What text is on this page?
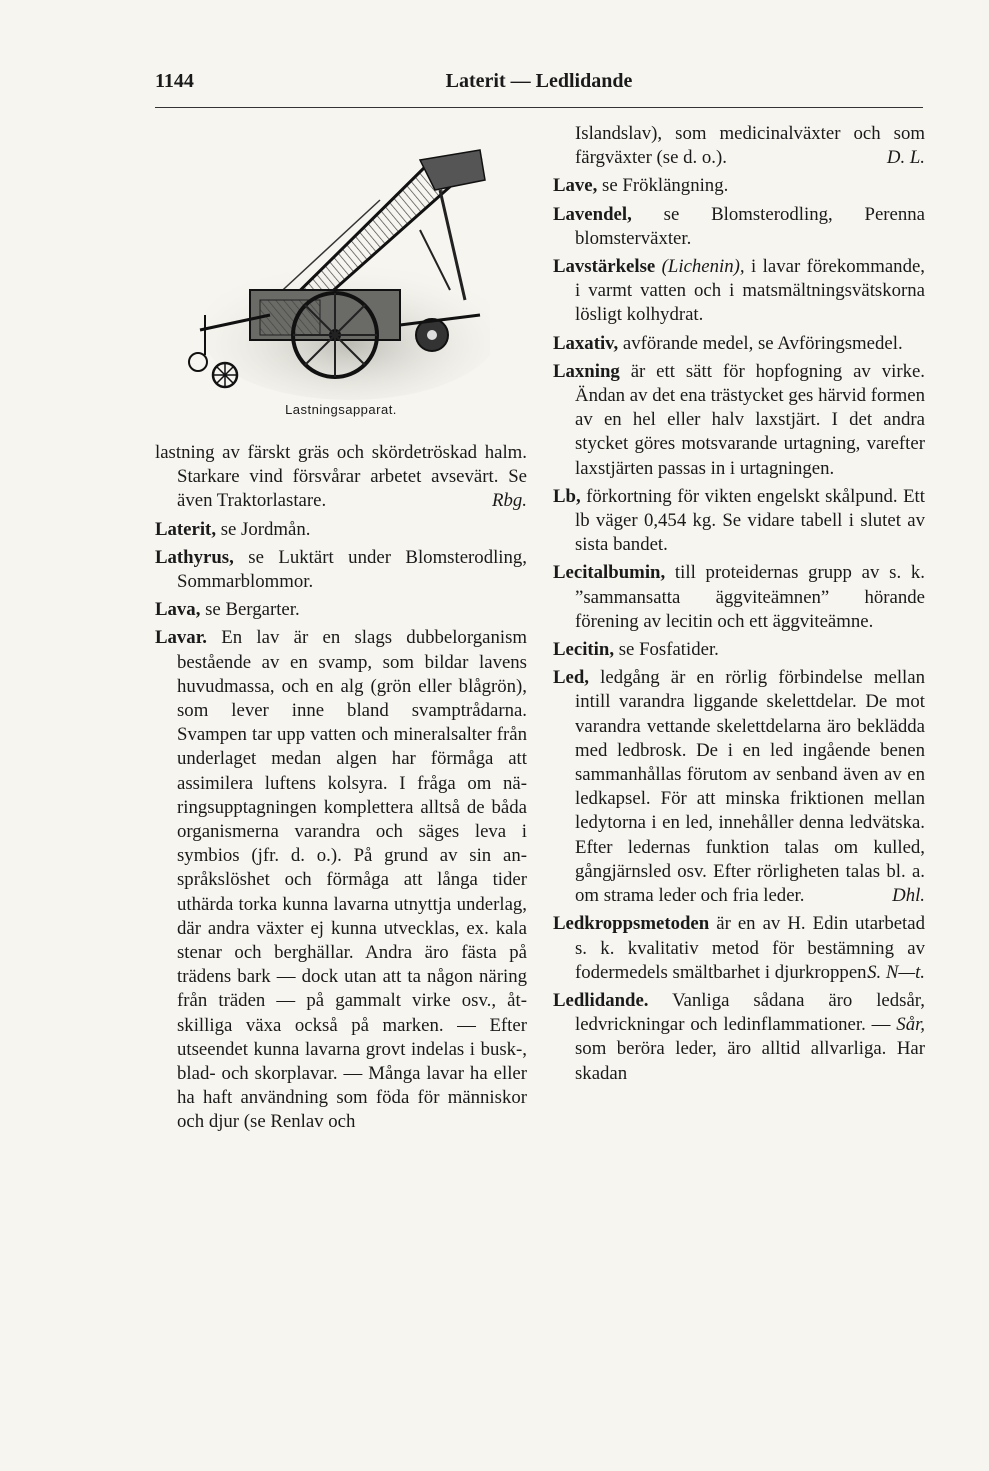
1144	Laterit — Ledlidande
Lastningsapparat.

lastning av färskt gräs och skördetröskad halm. Starkare vind försvårar arbetet avsevärt. Se även Traktorlastare.	Rbg.

Laterit, se Jordmån.

Lathyrus, se Luktärt under Blomsterodling, Sommarblommor.

Lava, se Bergarter.

Lavar. En lav är en slags dubbelorganism bestående av en svamp, som bildar lavens huvudmassa, och en alg (grön eller blågrön), som lever inne bland svamptrådarna. Svampen tar upp vatten och mineralsalter från underlaget medan algen har förmåga att assimilera luftens kolsyra. I fråga om näringsupptagningen komplettera alltså de båda organismerna varandra och säges leva i symbios (jfr. d. o.). På grund av sin anspråkslöshet och förmåga att långa tider uthärda torka kunna lavarna utnyttja underlag, där andra växter ej kunna utvecklas, ex. kala stenar och berghällar. Andra äro fästa på trädens bark — dock utan att ta någon näring från träden — på gammalt virke osv., åtskilliga växa också på marken. — Efter utseendet kunna lavarna grovt indelas i busk-, blad- och skorplavar. — Många lavar ha eller ha haft användning som föda för människor och djur (se Renlav och

Islandslav), som medicinalväxter och som färgväxter (se d. o.).	D. L.

Lave, se Fröklängning.

Lavendel, se Blomsterodling, Perenna blomsterväxter.

Lavstärkelse (Lichenin), i lavar förekommande, i varmt vatten och i matsmältningsvätskorna lösligt kolhydrat.

Laxativ, avförande medel, se Avföringsmedel.

Laxning är ett sätt för hopfogning av virke. Ändan av det ena trästycket ges härvid formen av en hel eller halv laxstjärt. I det andra stycket göres motsvarande urtagning, varefter laxstjärten passas in i urtagningen.

Lb, förkortning för vikten engelskt skålpund. Ett lb väger 0,454 kg. Se vidare tabell i slutet av sista bandet.

Lecitalbumin, till proteidernas grupp av s. k. ”sammansatta äggviteämnen” hörande förening av lecitin och ett äggviteämne.

Lecitin, se Fosfatider.

Led, ledgång är en rörlig förbindelse mellan intill varandra liggande skelettdelar. De mot varandra vettande skelettdelarna äro beklädda med ledbrosk. De i en led ingående benen sammanhållas förutom av senband även av en ledkapsel. För att minska friktionen mellan ledytorna i en led, innehåller denna ledvätska. Efter ledernas funktion talas om kulled, gångjärnsled osv. Efter rörligheten talas bl. a. om strama leder och fria leder.	Dhl.

Ledkroppsmetoden är en av H. Edin utarbetad s. k. kvalitativ metod för bestämning av fodermedels smältbarhet i djurkroppen.
S. N—t.

Ledlidande. Vanliga sådana äro ledsår, ledvrickningar och ledinflammationer. — Sår, som beröra leder, äro alltid allvarliga. Har skadan
